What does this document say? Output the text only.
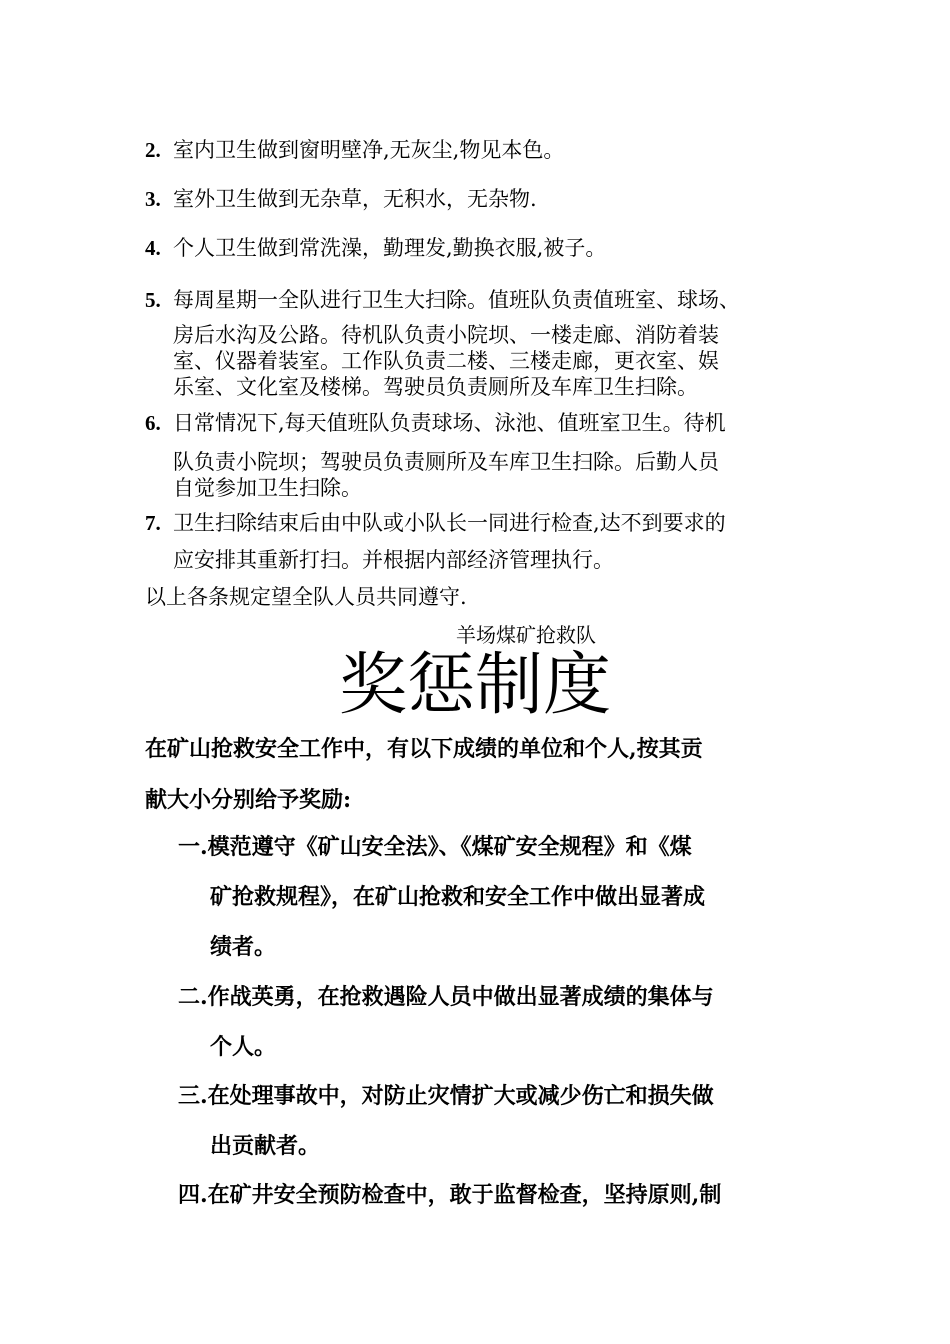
2. 室内卫生做到窗明壁净,无灰尘,物见本色。
3. 室外卫生做到无杂草，无积水，无杂物.
4. 个人卫生做到常洗澡，勤理发,勤换衣服,被子。
5. 每周星期一全队进行卫生大扫除。值班队负责值班室、球场、
房后水沟及公路。待机队负责小院坝、一楼走廊、消防着装
室、仪器着装室。工作队负责二楼、三楼走廊，更衣室、娱
乐室、文化室及楼梯。驾驶员负责厕所及车库卫生扫除。
6. 日常情况下,每天值班队负责球场、泳池、值班室卫生。待机
队负责小院坝；驾驶员负责厕所及车库卫生扫除。后勤人员
自觉参加卫生扫除。
7. 卫生扫除结束后由中队或小队长一同进行检查,达不到要求的
应安排其重新打扫。并根据内部经济管理执行。
以上各条规定望全队人员共同遵守.
羊场煤矿抢救队
奖惩制度
在矿山抢救安全工作中，有以下成绩的单位和个人,按其贡
献大小分别给予奖励:
一.模范遵守《矿山安全法》、《煤矿安全规程》和《煤
矿抢救规程》，在矿山抢救和安全工作中做出显著成
绩者。
二.作战英勇，在抢救遇险人员中做出显著成绩的集体与
个人。
三.在处理事故中，对防止灾情扩大或减少伤亡和损失做
出贡献者。
四.在矿井安全预防检查中，敢于监督检查，坚持原则,制
